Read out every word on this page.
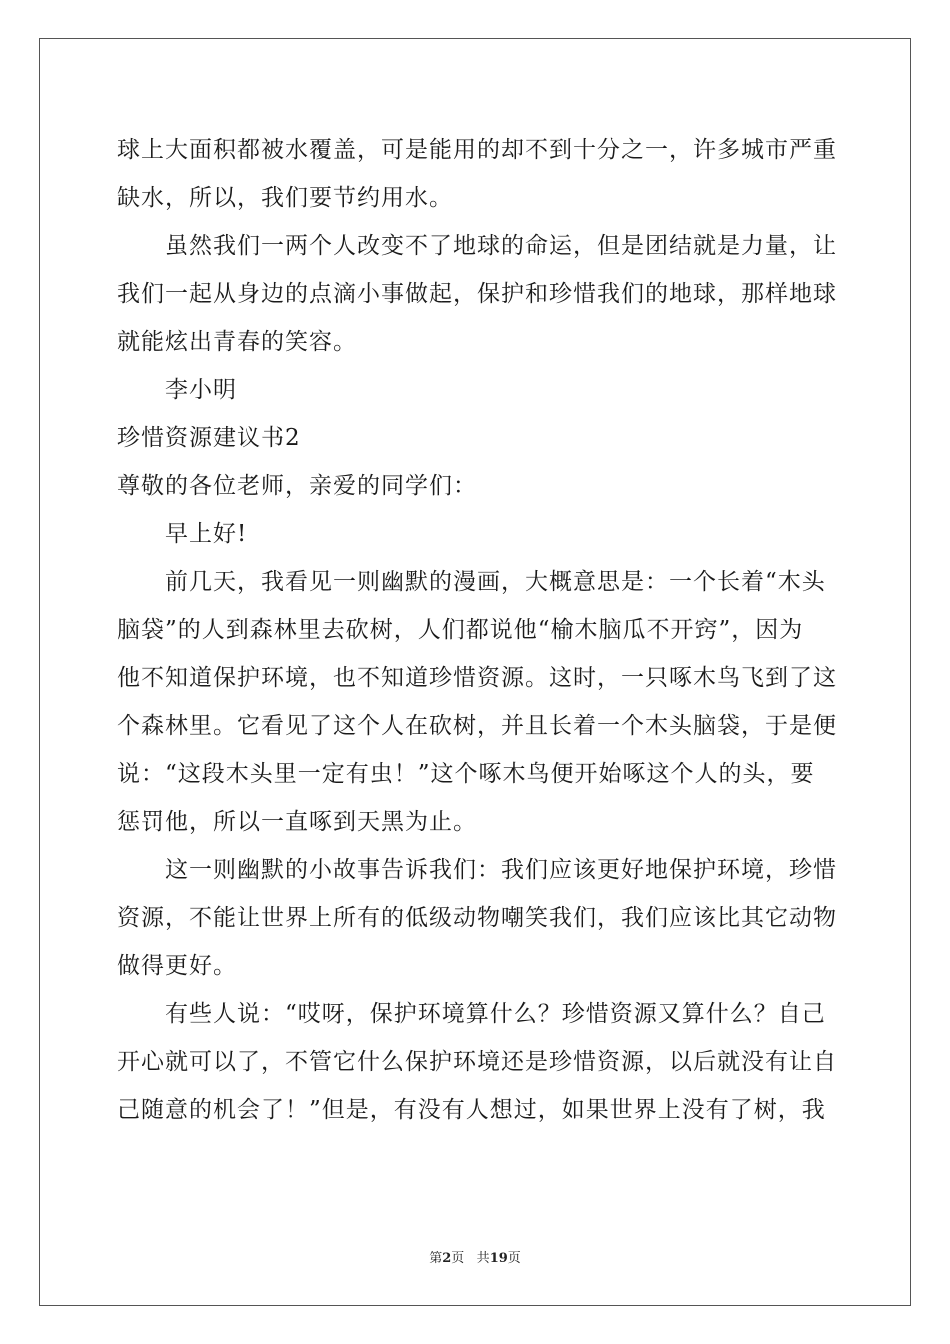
球上大面积都被水覆盖，可是能用的却不到十分之一，许多城市严重
缺水，所以，我们要节约用水。
虽然我们一两个人改变不了地球的命运，但是团结就是力量，让
我们一起从身边的点滴小事做起，保护和珍惜我们的地球，那样地球
就能炫出青春的笑容。
李小明
珍惜资源建议书2
尊敬的各位老师，亲爱的同学们：
早上好!
前几天，我看见一则幽默的漫画，大概意思是：一个长着“木头
脑袋”的人到森林里去砍树，人们都说他“榆木脑瓜不开窍”，因为
他不知道保护环境，也不知道珍惜资源。这时，一只啄木鸟飞到了这
个森林里。它看见了这个人在砍树，并且长着一个木头脑袋，于是便
说：“这段木头里一定有虫！”这个啄木鸟便开始啄这个人的头，要
惩罚他，所以一直啄到天黑为止。
这一则幽默的小故事告诉我们：我们应该更好地保护环境，珍惜
资源，不能让世界上所有的低级动物嘲笑我们，我们应该比其它动物
做得更好。
有些人说：“哎呀，保护环境算什么？珍惜资源又算什么？自己
开心就可以了，不管它什么保护环境还是珍惜资源，以后就没有让自
己随意的机会了！”但是，有没有人想过，如果世界上没有了树，我
第2页 共19页
